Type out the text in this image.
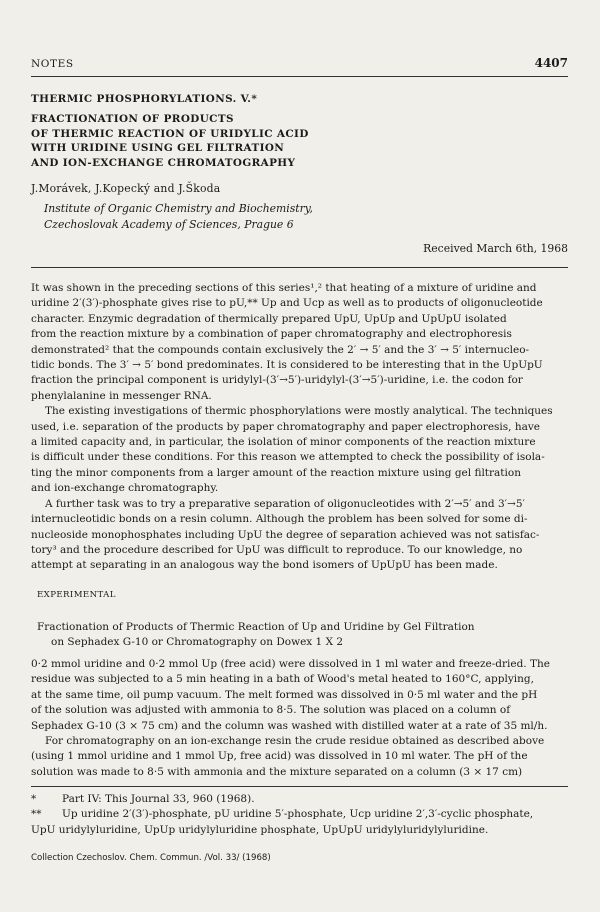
NOTES	4407
THERMIC PHOSPHORYLATIONS. V.*
FRACTIONATION OF PRODUCTS
OF THERMIC REACTION OF URIDYLIC ACID
WITH URIDINE USING GEL FILTRATION
AND ION-EXCHANGE CHROMATOGRAPHY
J.Morávek, J.Kopecký and J.Škoda
Institute of Organic Chemistry and Biochemistry,
Czechoslovak Academy of Sciences, Prague 6
Received March 6th, 1968
It was shown in the preceding sections of this series¹,² that heating of a mixture of uridine and
uridine 2′(3′)-phosphate gives rise to pU,** Up and Ucp as well as to products of oligonucleotide
character. Enzymic degradation of thermically prepared UpU, UpUp and UpUpU isolated
from the reaction mixture by a combination of paper chromatography and electrophoresis
demonstrated² that the compounds contain exclusively the 2′ → 5′ and the 3′ → 5′ internucleo-
tidic bonds. The 3′ → 5′ bond predominates. It is considered to be interesting that in the UpUpU
fraction the principal component is uridylyl-(3′→5′)-uridylyl-(3′→5′)-uridine, i.e. the codon for
phenylalanine in messenger RNA.
The existing investigations of thermic phosphorylations were mostly analytical. The techniques
used, i.e. separation of the products by paper chromatography and paper electrophoresis, have
a limited capacity and, in particular, the isolation of minor components of the reaction mixture
is difficult under these conditions. For this reason we attempted to check the possibility of isola-
ting the minor components from a larger amount of the reaction mixture using gel filtration
and ion-exchange chromatography.
A further task was to try a preparative separation of oligonucleotides with 2′→5′ and 3′→5′
internucleotidic bonds on a resin column. Although the problem has been solved for some di-
nucleoside monophosphates including UpU the degree of separation achieved was not satisfac-
tory³ and the procedure described for UpU was difficult to reproduce. To our knowledge, no
attempt at separating in an analogous way the bond isomers of UpUpU has been made.
EXPERIMENTAL
Fractionation of Products of Thermic Reaction of Up and Uridine by Gel Filtration
on Sephadex G-10 or Chromatography on Dowex 1 X 2
0·2 mmol uridine and 0·2 mmol Up (free acid) were dissolved in 1 ml water and freeze-dried. The
residue was subjected to a 5 min heating in a bath of Wood's metal heated to 160°C, applying,
at the same time, oil pump vacuum. The melt formed was dissolved in 0·5 ml water and the pH
of the solution was adjusted with ammonia to 8·5. The solution was placed on a column of
Sephadex G-10 (3 × 75 cm) and the column was washed with distilled water at a rate of 35 ml/h.
For chromatography on an ion-exchange resin the crude residue obtained as described above
(using 1 mmol uridine and 1 mmol Up, free acid) was dissolved in 10 ml water. The pH of the
solution was made to 8·5 with ammonia and the mixture separated on a column (3 × 17 cm)
*	Part IV: This Journal 33, 960 (1968).
**	Up uridine 2′(3′)-phosphate, pU uridine 5′-phosphate, Ucp uridine 2′,3′-cyclic phosphate,
UpU uridylyluridine, UpUp uridylyluridine phosphate, UpUpU uridylyluridylyluridine.
Collection Czechoslov. Chem. Commun. /Vol. 33/ (1968)
